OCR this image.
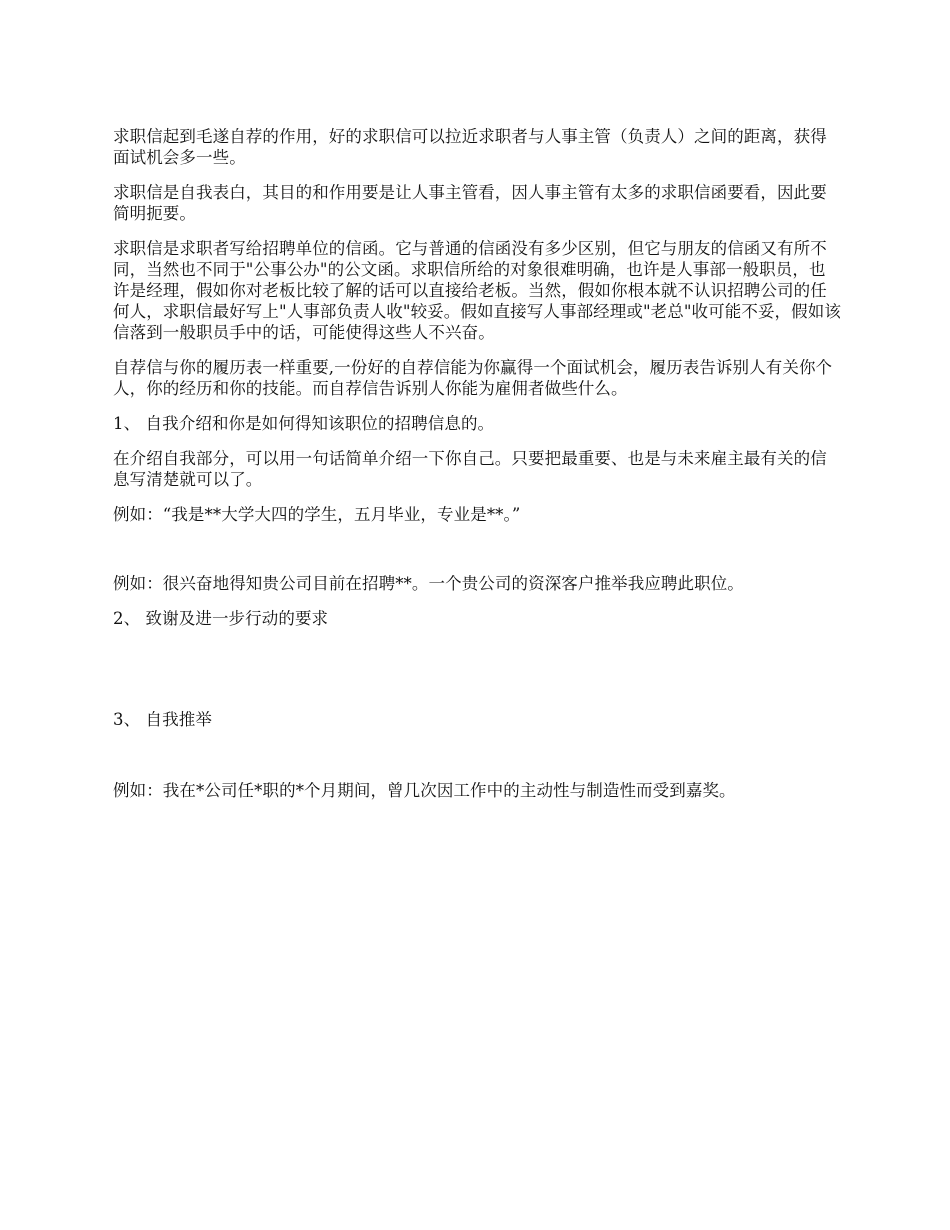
求职信起到毛遂自荐的作用，好的求职信可以拉近求职者与人事主管（负责人）之间的距离，获得面试机会多一些。

求职信是自我表白，其目的和作用要是让人事主管看，因人事主管有太多的求职信函要看，因此要简明扼要。

求职信是求职者写给招聘单位的信函。它与普通的信函没有多少区别，但它与朋友的信函又有所不同，当然也不同于"公事公办"的公文函。求职信所给的对象很难明确，也许是人事部一般职员，也许是经理，假如你对老板比较了解的话可以直接给老板。当然，假如你根本就不认识招聘公司的任何人，求职信最好写上"人事部负责人收"较妥。假如直接写人事部经理或"老总"收可能不妥，假如该信落到一般职员手中的话，可能使得这些人不兴奋。

自荐信与你的履历表一样重要,一份好的自荐信能为你赢得一个面试机会，履历表告诉别人有关你个人，你的经历和你的技能。而自荐信告诉别人你能为雇佣者做些什么。

1、 自我介绍和你是如何得知该职位的招聘信息的。

在介绍自我部分，可以用一句话简单介绍一下你自己。只要把最重要、也是与未来雇主最有关的信息写清楚就可以了。

例如：“我是**大学大四的学生，五月毕业，专业是**。”

例如：很兴奋地得知贵公司目前在招聘**。一个贵公司的资深客户推举我应聘此职位。

2、 致谢及进一步行动的要求

3、 自我推举

例如：我在*公司任*职的*个月期间，曾几次因工作中的主动性与制造性而受到嘉奖。
